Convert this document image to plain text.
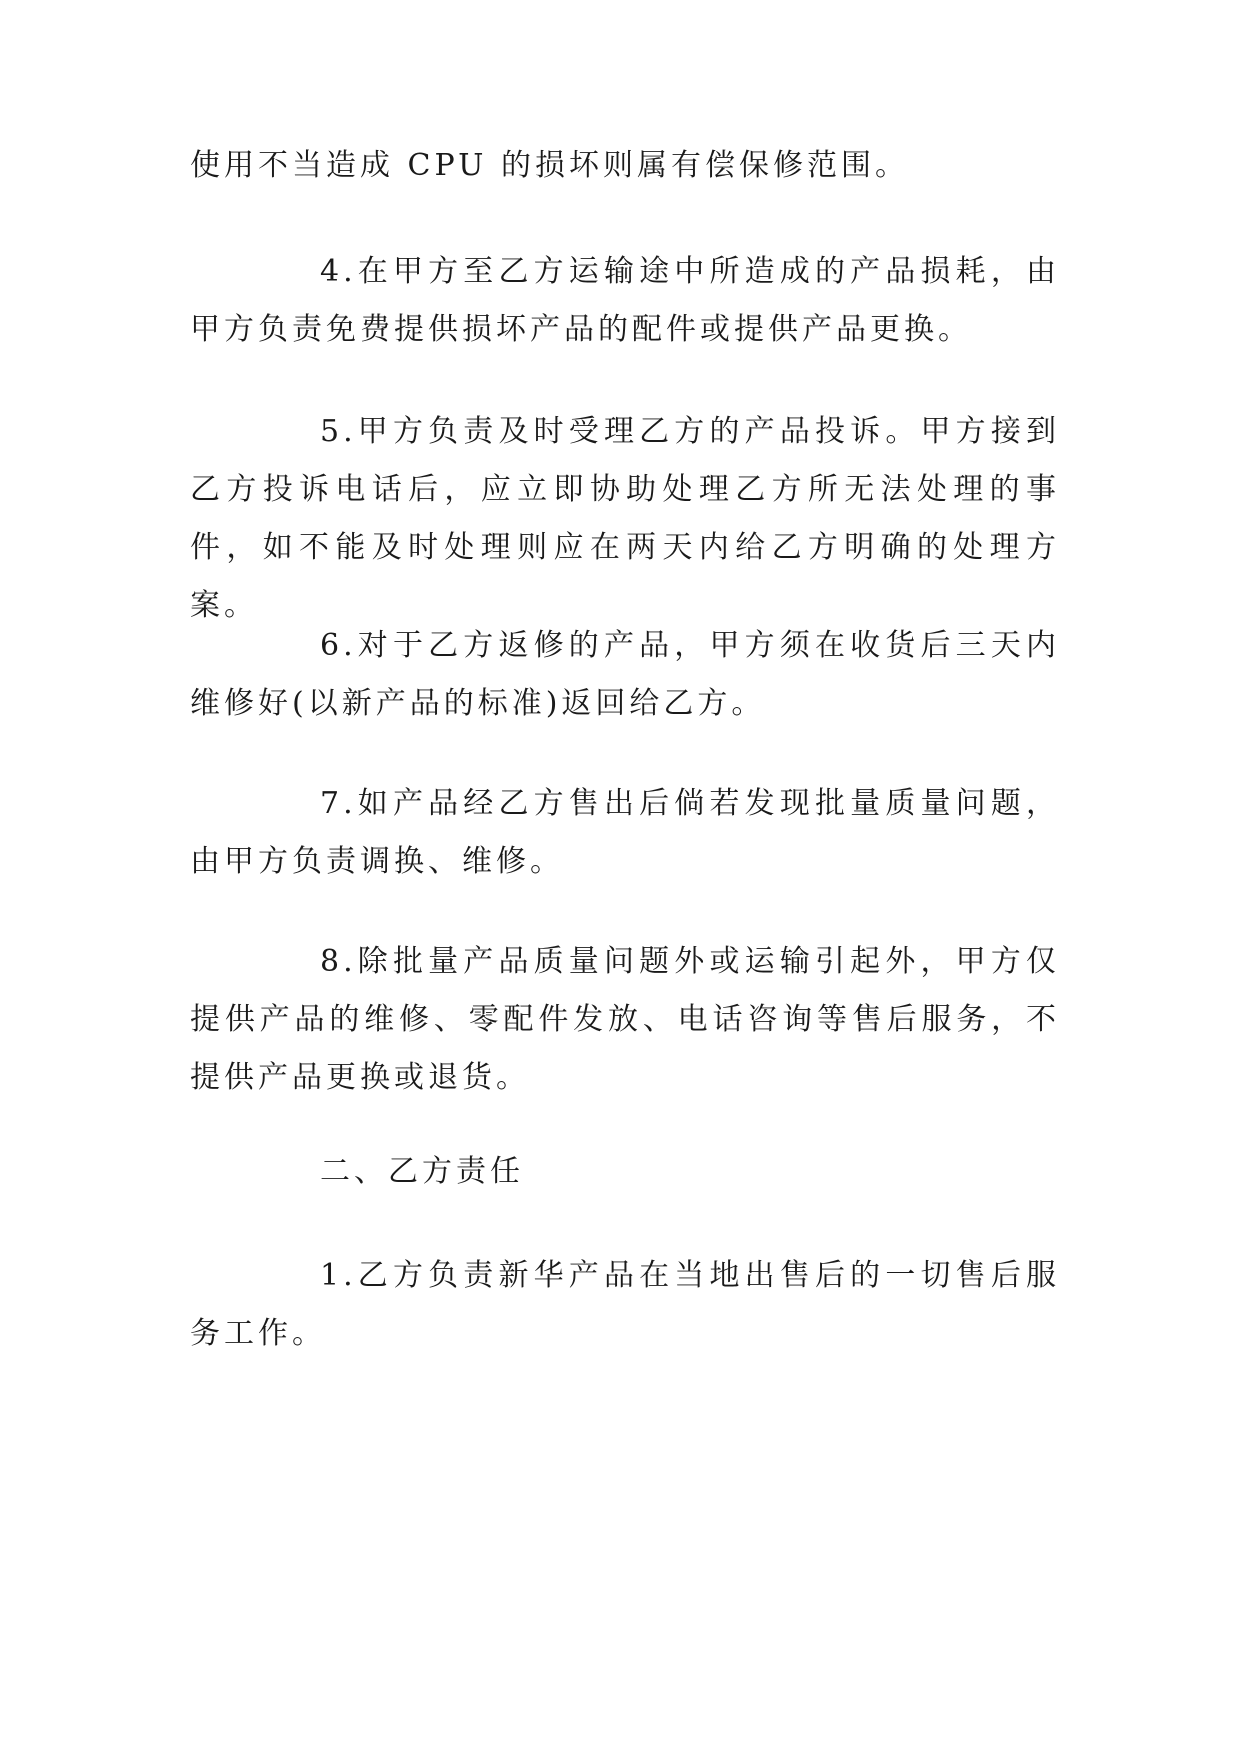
使用不当造成 CPU 的损坏则属有偿保修范围。

4.在甲方至乙方运输途中所造成的产品损耗，由甲方负责免费提供损坏产品的配件或提供产品更换。

5.甲方负责及时受理乙方的产品投诉。甲方接到乙方投诉电话后，应立即协助处理乙方所无法处理的事件，如不能及时处理则应在两天内给乙方明确的处理方案。

6.对于乙方返修的产品，甲方须在收货后三天内维修好(以新产品的标准)返回给乙方。

7.如产品经乙方售出后倘若发现批量质量问题，由甲方负责调换、维修。

8.除批量产品质量问题外或运输引起外，甲方仅提供产品的维修、零配件发放、电话咨询等售后服务，不提供产品更换或退货。

二、乙方责任

1.乙方负责新华产品在当地出售后的一切售后服务工作。
